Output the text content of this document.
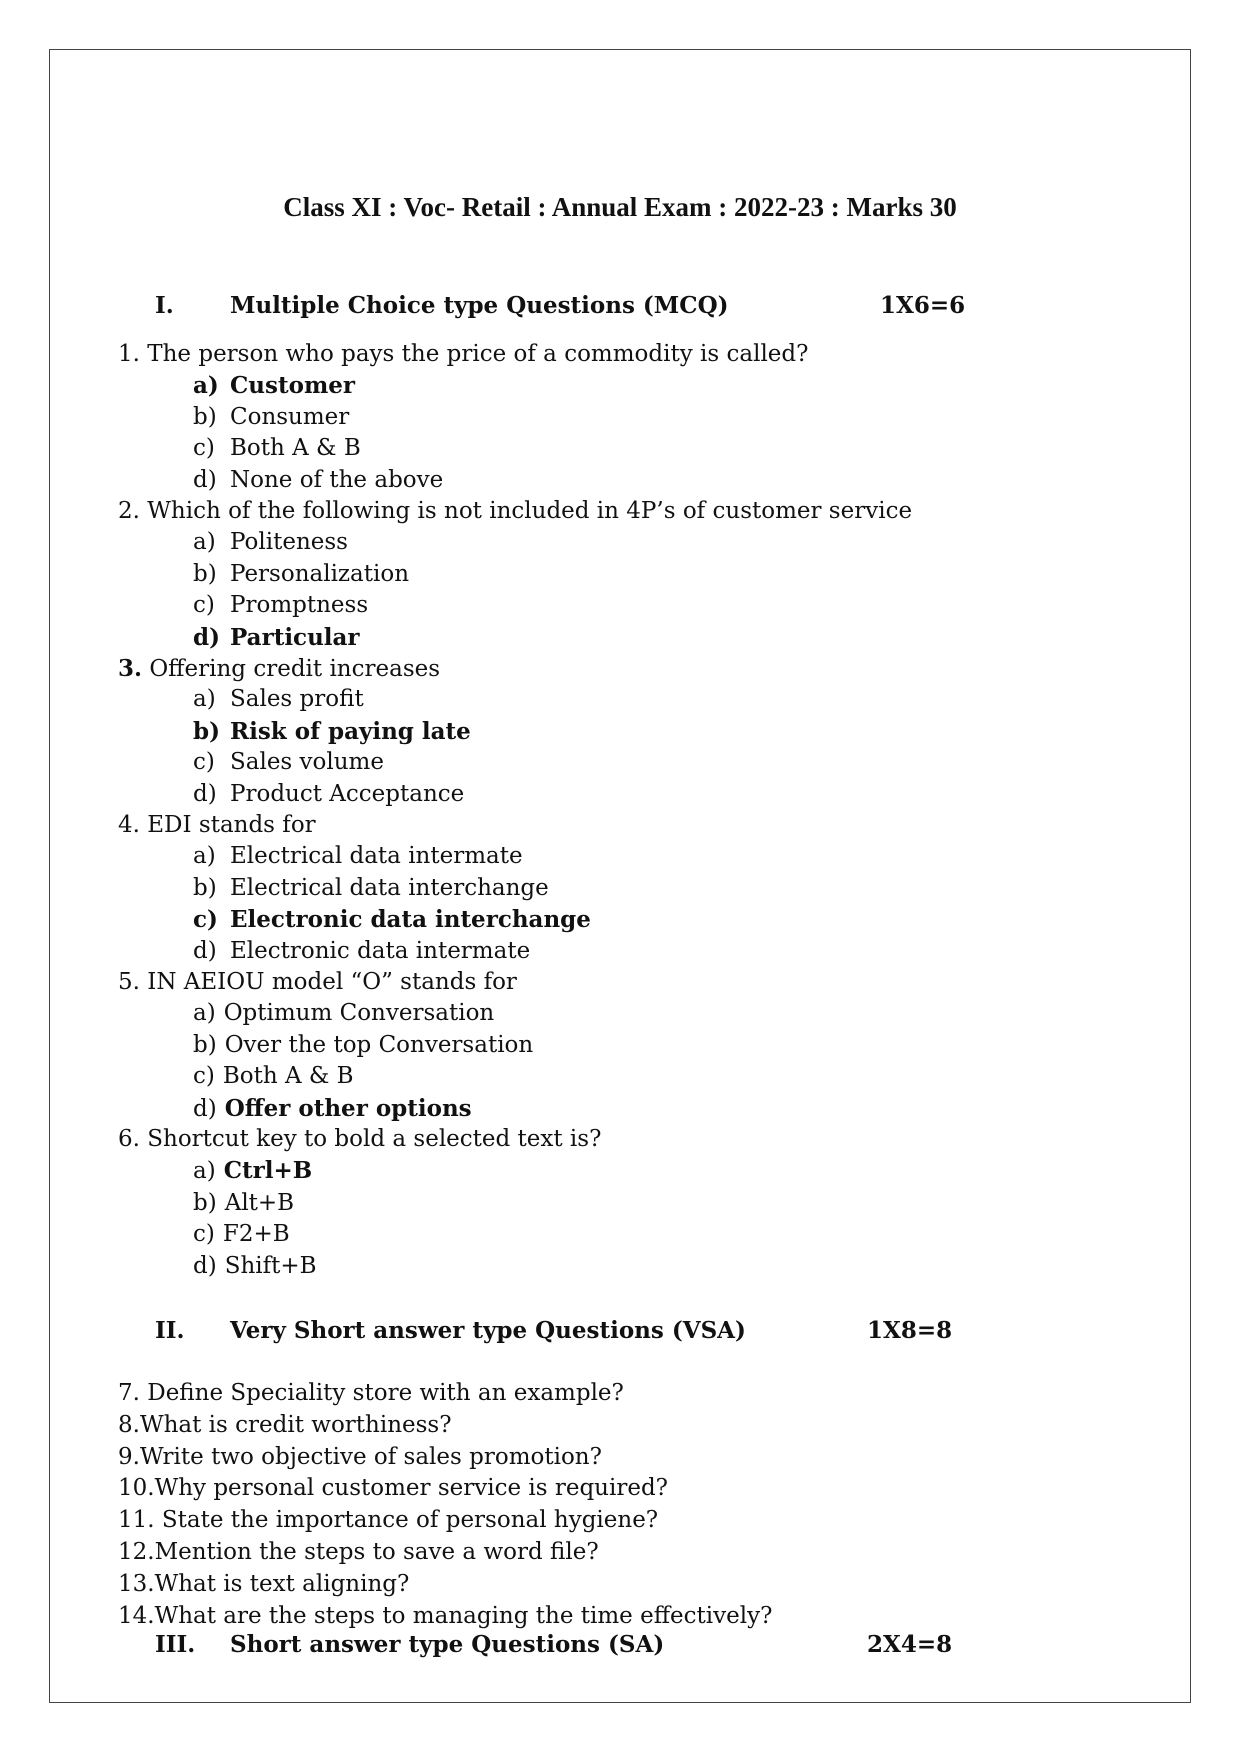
Class XI : Voc- Retail : Annual Exam : 2022-23 : Marks 30
I. Multiple Choice type Questions (MCQ)	1X6=6
1. The person who pays the price of a commodity is called?
a) Customer
b) Consumer
c) Both A & B
d) None of the above
2. Which of the following is not included in 4P’s of customer service
a) Politeness
b) Personalization
c) Promptness
d) Particular
3. Offering credit increases
a) Sales profit
b) Risk of paying late
c) Sales volume
d) Product Acceptance
4. EDI stands for
a) Electrical data intermate
b) Electrical data interchange
c) Electronic data interchange
d) Electronic data intermate
5. IN AEIOU model “O” stands for
a) Optimum Conversation
b) Over the top Conversation
c) Both A & B
d) Offer other options
6. Shortcut key to bold a selected text is?
a) Ctrl+B
b) Alt+B
c) F2+B
d) Shift+B
II. Very Short answer type Questions (VSA)	1X8=8
7. Define Speciality store with an example?
8.What is credit worthiness?
9.Write two objective of sales promotion?
10.Why personal customer service is required?
11. State the importance of personal hygiene?
12.Mention the steps to save a word file?
13.What is text aligning?
14.What are the steps to managing the time effectively?
III. Short answer type Questions (SA)	2X4=8
